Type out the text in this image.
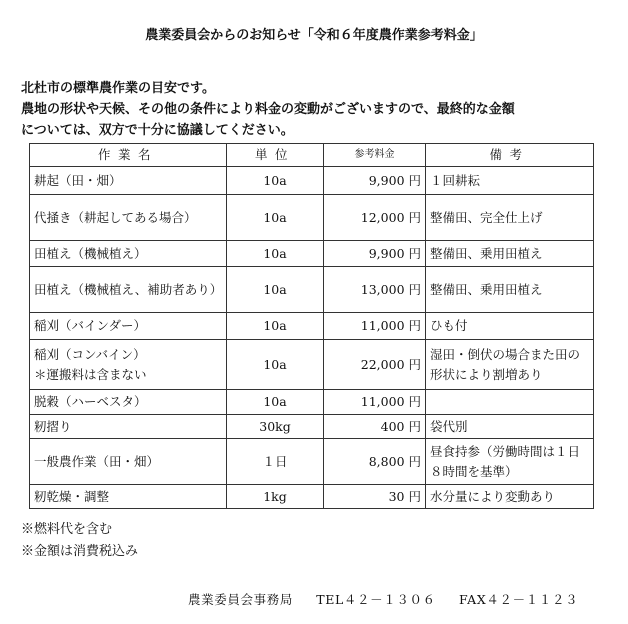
農業委員会からのお知らせ「令和６年度農作業参考料金」
北杜市の標準農作業の目安です。
農地の形状や天候、その他の条件により料金の変動がございますので、最終的な金額
については、双方で十分に協議してください。
作業名	単位	参考料金	備考
耕起（田・畑）	10a	9,900 円	１回耕耘
代掻き（耕起してある場合）	10a	12,000 円	整備田、完全仕上げ
田植え（機械植え）	10a	9,900 円	整備田、乗用田植え
田植え（機械植え、補助者あり）	10a	13,000 円	整備田、乗用田植え
稲刈（バインダー）	10a	11,000 円	ひも付

稲刈（コンバイン）
＊運搬料は含まない	10a	22,000 円	湿田・倒伏の場合また田の形状により割増あり
脱穀（ハーベスタ）	10a	11,000 円	
籾摺り	30kg	400 円	袋代別
一般農作業（田・畑）	１日	8,800 円	昼食持参（労働時間は１日８時間を基準）
籾乾燥・調整	1kg	30 円	水分量により変動あり
※燃料代を含む
※金額は消費税込み
農業委員会事務局 TEL４２－１３０６ FAX４２－１１２３
